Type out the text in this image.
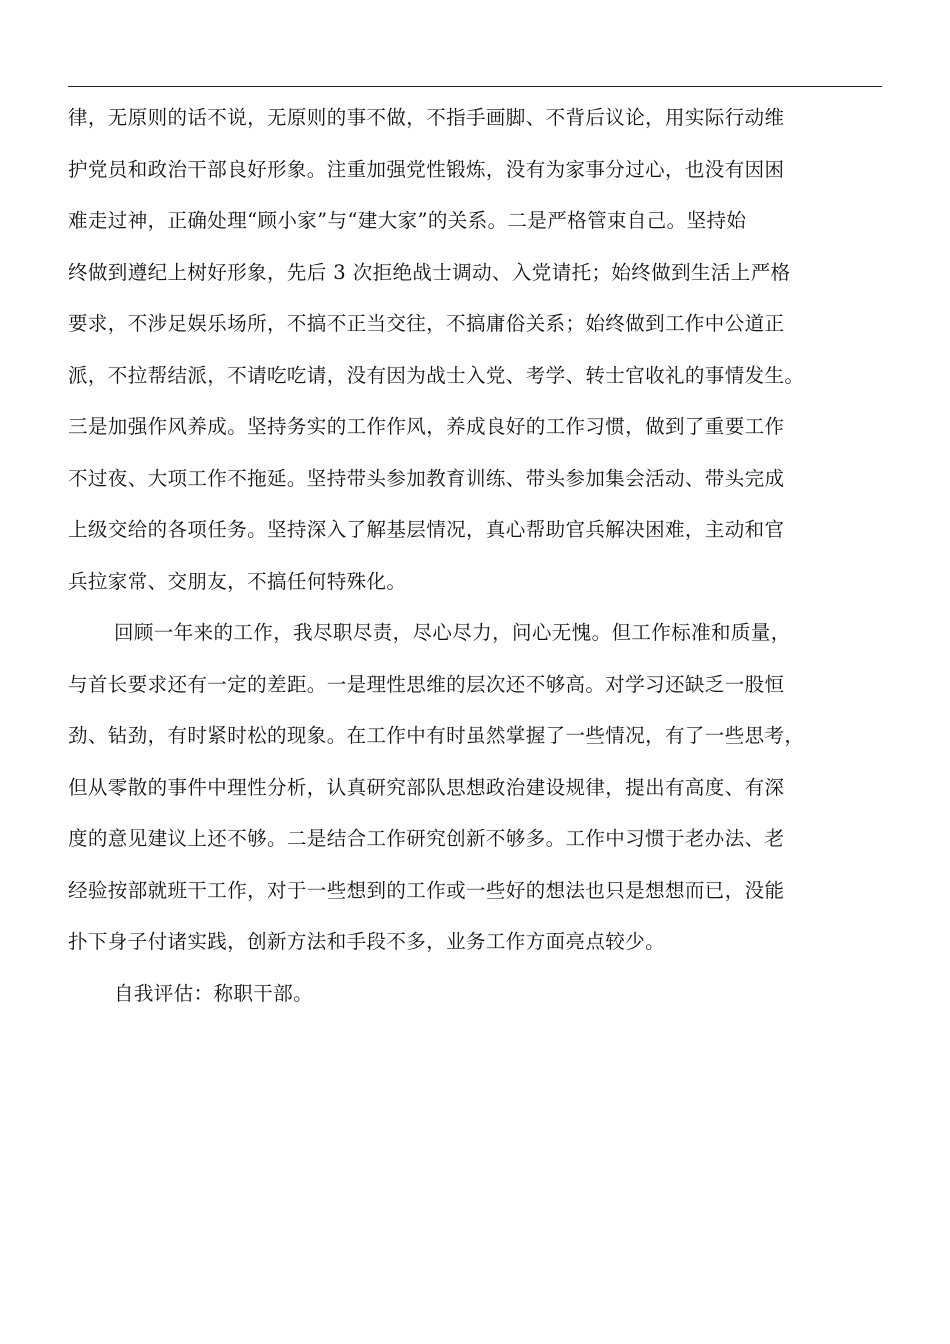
律，无原则的话不说，无原则的事不做，不指手画脚、不背后议论，用实际行动维
护党员和政治干部良好形象。注重加强党性锻炼，没有为家事分过心，也没有因困
难走过神，正确处理“顾小家”与“建大家”的关系。二是严格管束自己。坚持始
终做到遵纪上树好形象，先后 3 次拒绝战士调动、入党请托；始终做到生活上严格
要求，不涉足娱乐场所，不搞不正当交往，不搞庸俗关系；始终做到工作中公道正
派，不拉帮结派，不请吃吃请，没有因为战士入党、考学、转士官收礼的事情发生。
三是加强作风养成。坚持务实的工作作风，养成良好的工作习惯，做到了重要工作
不过夜、大项工作不拖延。坚持带头参加教育训练、带头参加集会活动、带头完成
上级交给的各项任务。坚持深入了解基层情况，真心帮助官兵解决困难，主动和官
兵拉家常、交朋友，不搞任何特殊化。
回顾一年来的工作，我尽职尽责，尽心尽力，问心无愧。但工作标准和质量，
与首长要求还有一定的差距。一是理性思维的层次还不够高。对学习还缺乏一股恒
劲、钻劲，有时紧时松的现象。在工作中有时虽然掌握了一些情况，有了一些思考，
但从零散的事件中理性分析，认真研究部队思想政治建设规律，提出有高度、有深
度的意见建议上还不够。二是结合工作研究创新不够多。工作中习惯于老办法、老
经验按部就班干工作，对于一些想到的工作或一些好的想法也只是想想而已，没能
扑下身子付诸实践，创新方法和手段不多，业务工作方面亮点较少。
自我评估：称职干部。
